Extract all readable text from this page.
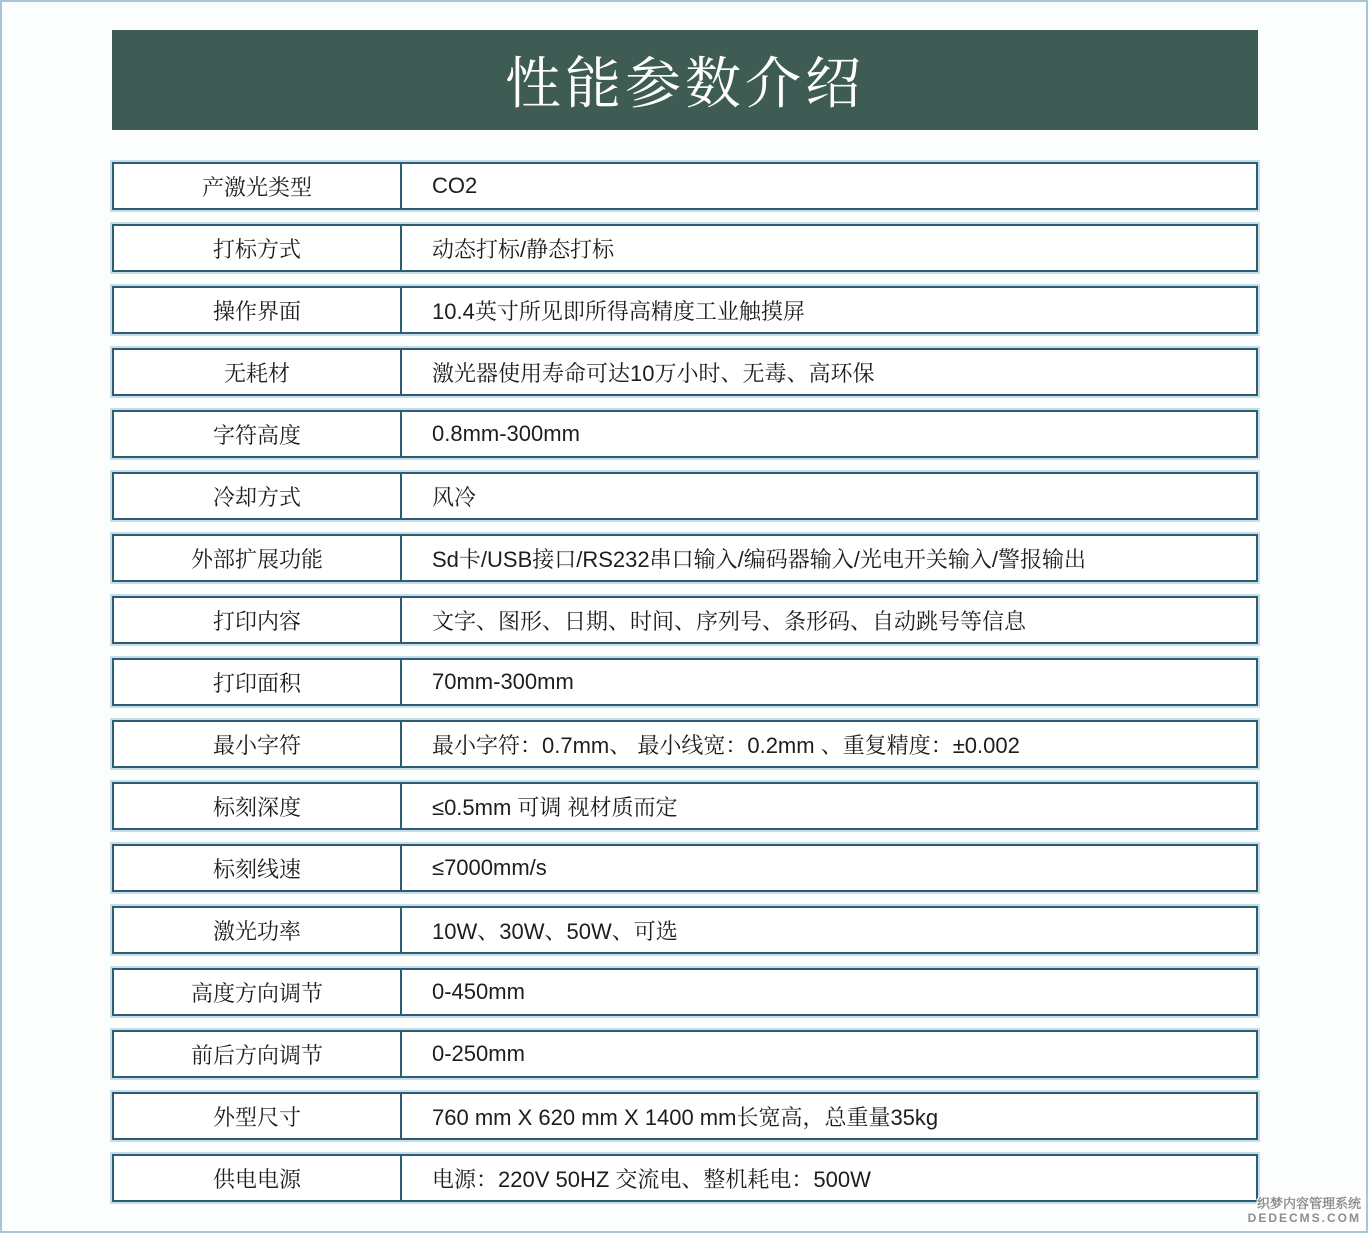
性能参数介绍
产激光类型	CO2
打标方式	动态打标/静态打标
操作界面	10.4英寸所见即所得高精度工业触摸屏
无耗材	激光器使用寿命可达10万小时、无毒、高环保
字符高度	0.8mm-300mm
冷却方式	风冷
外部扩展功能	Sd卡/USB接口/RS232串口输入/编码器输入/光电开关输入/警报输出
打印内容	文字、图形、日期、时间、序列号、条形码、自动跳号等信息
打印面积	70mm-300mm
最小字符	最小字符：0.7mm、 最小线宽：0.2mm 、重复精度：±0.002
标刻深度	≤0.5mm 可调 视材质而定
标刻线速	≤7000mm/s
激光功率	10W、30W、50W、可选
高度方向调节	0-450mm
前后方向调节	0-250mm
外型尺寸	760 mm X 620 mm X 1400 mm长宽高，总重量35kg
供电电源	电源：220V 50HZ 交流电、整机耗电：500W
织梦内容管理系统
DEDECMS.COM
